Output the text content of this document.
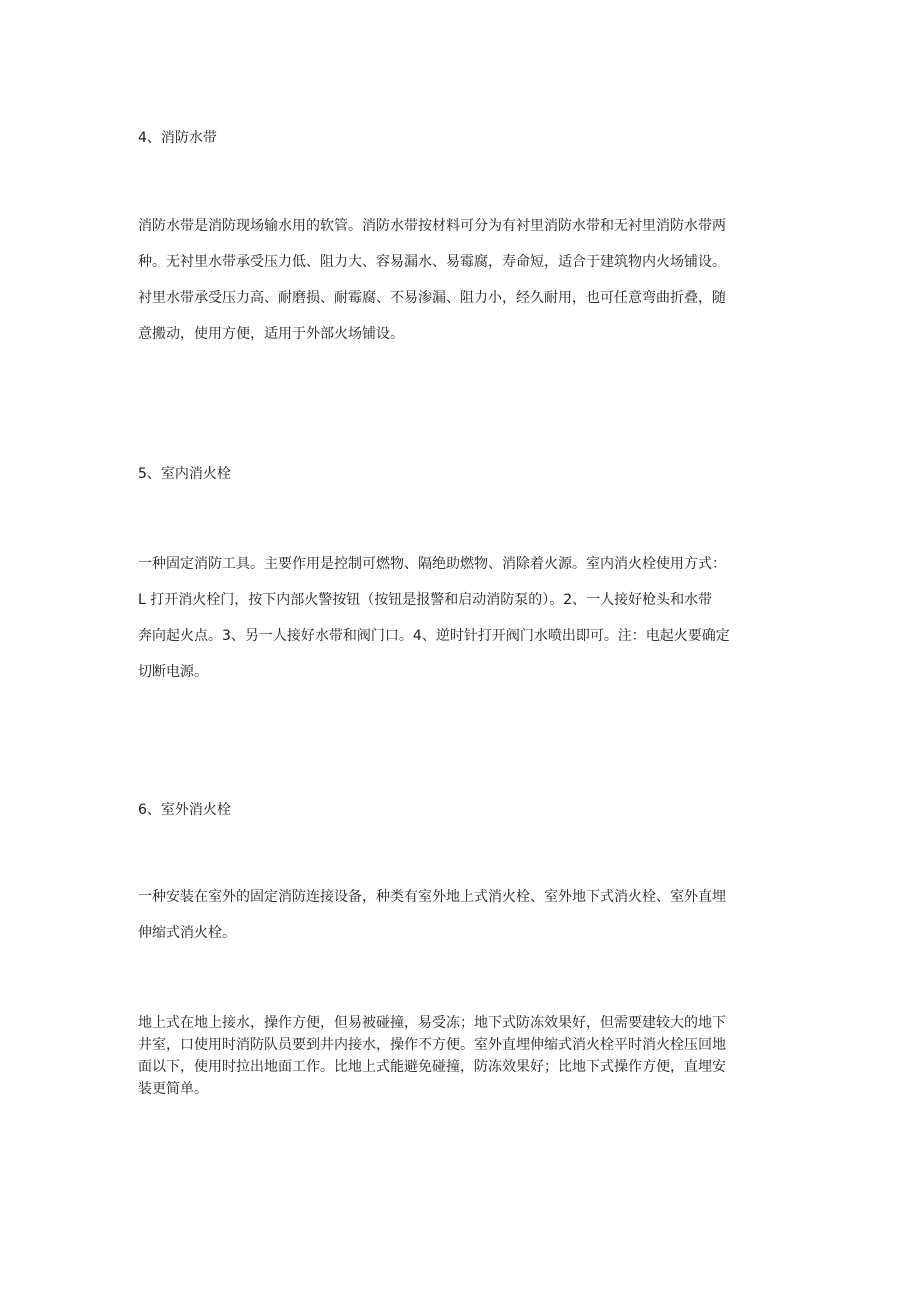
4、消防水带
消防水带是消防现场输水用的软管。消防水带按材料可分为有衬里消防水带和无衬里消防水带两
种。无衬里水带承受压力低、阻力大、容易漏水、易霉腐，寿命短，适合于建筑物内火场铺设。
衬里水带承受压力高、耐磨损、耐霉腐、不易渗漏、阻力小，经久耐用，也可任意弯曲折叠，随
意搬动，使用方便，适用于外部火场铺设。
5、室内消火栓
一种固定消防工具。主要作用是控制可燃物、隔绝助燃物、消除着火源。室内消火栓使用方式：
L 打开消火栓门，按下内部火警按钮（按钮是报警和启动消防泵的）。2、一人接好枪头和水带
奔向起火点。3、另一人接好水带和阀门口。4、逆时针打开阀门水喷出即可。注：电起火要确定
切断电源。
6、室外消火栓
一种安装在室外的固定消防连接设备，种类有室外地上式消火栓、室外地下式消火栓、室外直埋
伸缩式消火栓。
地上式在地上接水，操作方便，但易被碰撞，易受冻；地下式防冻效果好，但需要建较大的地下
井室，口使用时消防队员要到井内接水，操作不方便。室外直埋伸缩式消火栓平时消火栓压回地
面以下，使用时拉出地面工作。比地上式能避免碰撞，防冻效果好；比地下式操作方便，直埋安
装更简单。
